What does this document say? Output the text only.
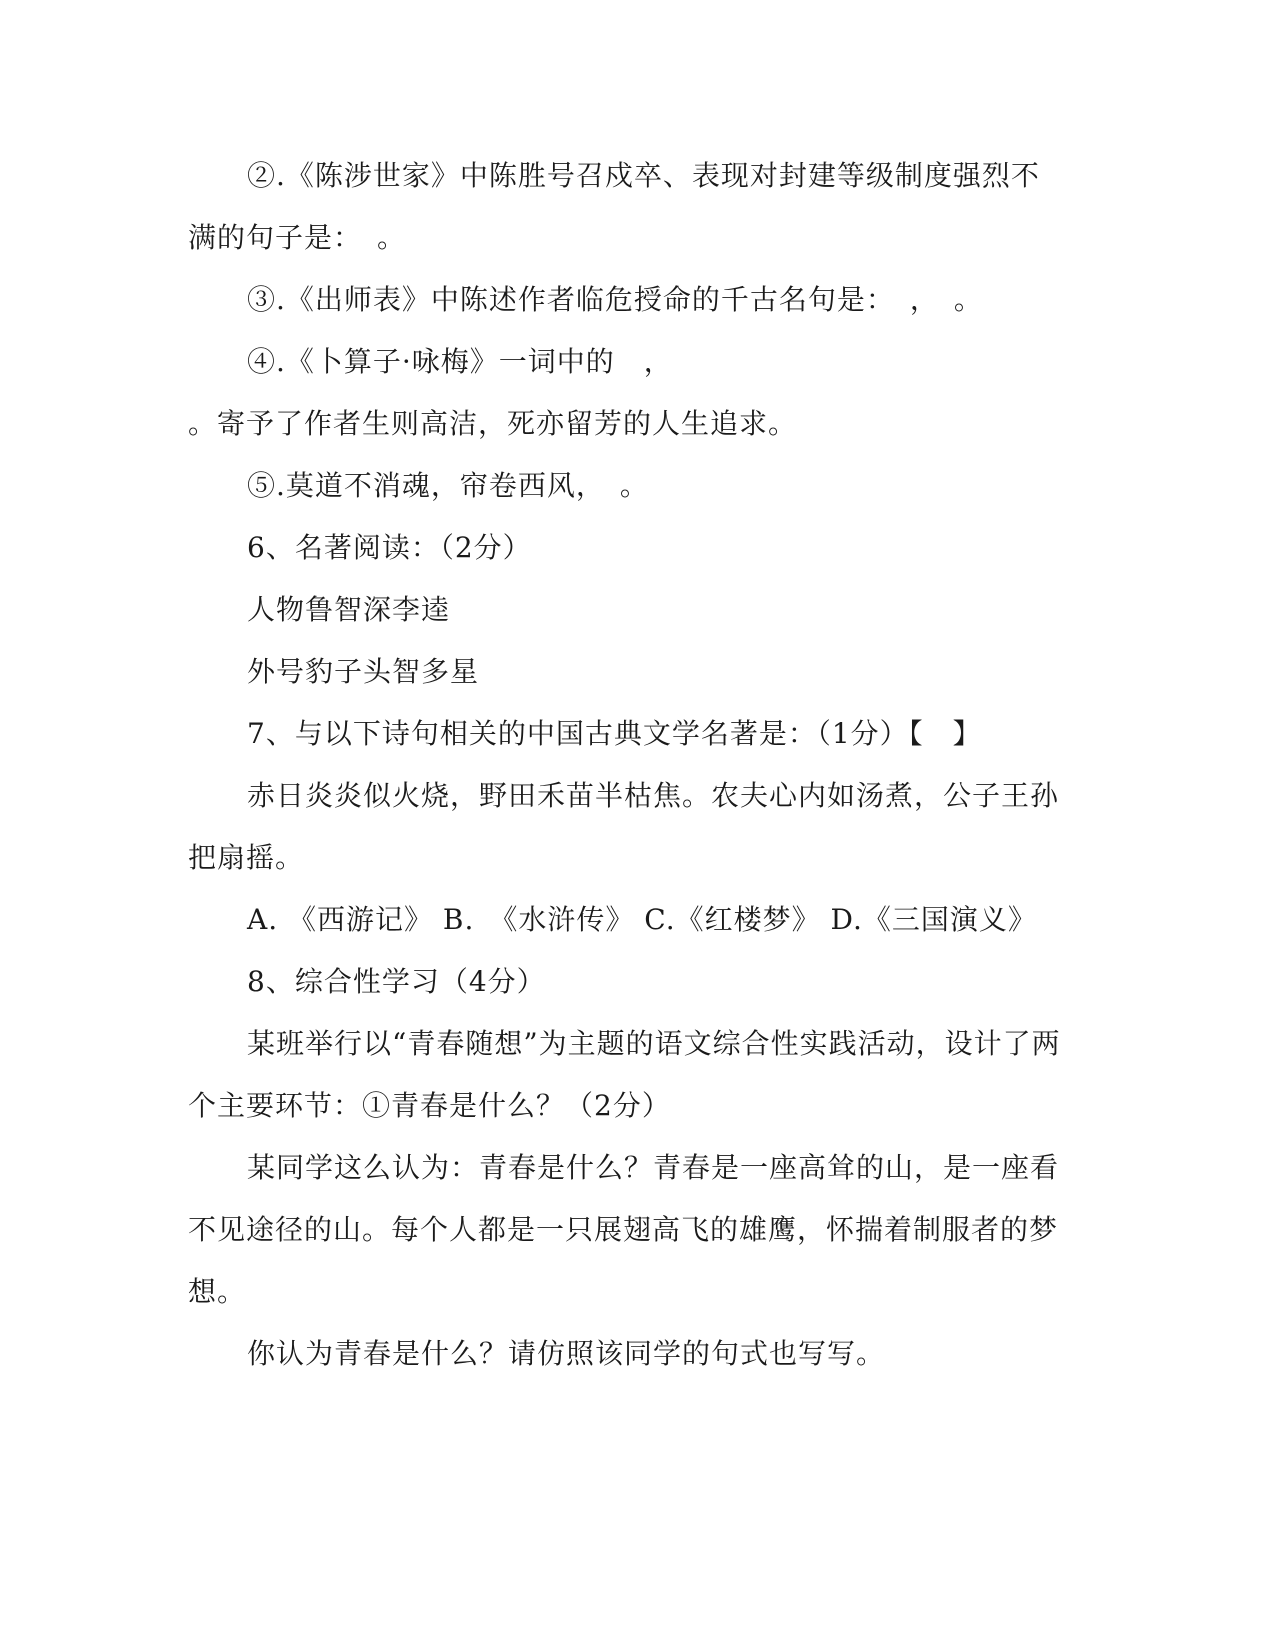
②.《陈涉世家》中陈胜号召戍卒、表现对封建等级制度强烈不
满的句子是：　。
③.《出师表》中陈述作者临危授命的千古名句是：　，　。
④.《卜算子·咏梅》一词中的　，
。寄予了作者生则高洁，死亦留芳的人生追求。
⑤.莫道不消魂，帘卷西风，　。
6、名著阅读：（2分）
人物鲁智深李逵
外号豹子头智多星
7、与以下诗句相关的中国古典文学名著是：（1分）【　】
赤日炎炎似火烧，野田禾苗半枯焦。农夫心内如汤煮，公子王孙
把扇摇。
A. 《西游记》 B.　《水浒传》 C.《红楼梦》 D.《三国演义》
8、综合性学习（4分）
某班举行以“青春随想”为主题的语文综合性实践活动，设计了两
个主要环节：①青春是什么？（2分）
某同学这么认为：青春是什么？青春是一座高耸的山，是一座看
不见途径的山。每个人都是一只展翅高飞的雄鹰，怀揣着制服者的梦
想。
你认为青春是什么？请仿照该同学的句式也写写。
